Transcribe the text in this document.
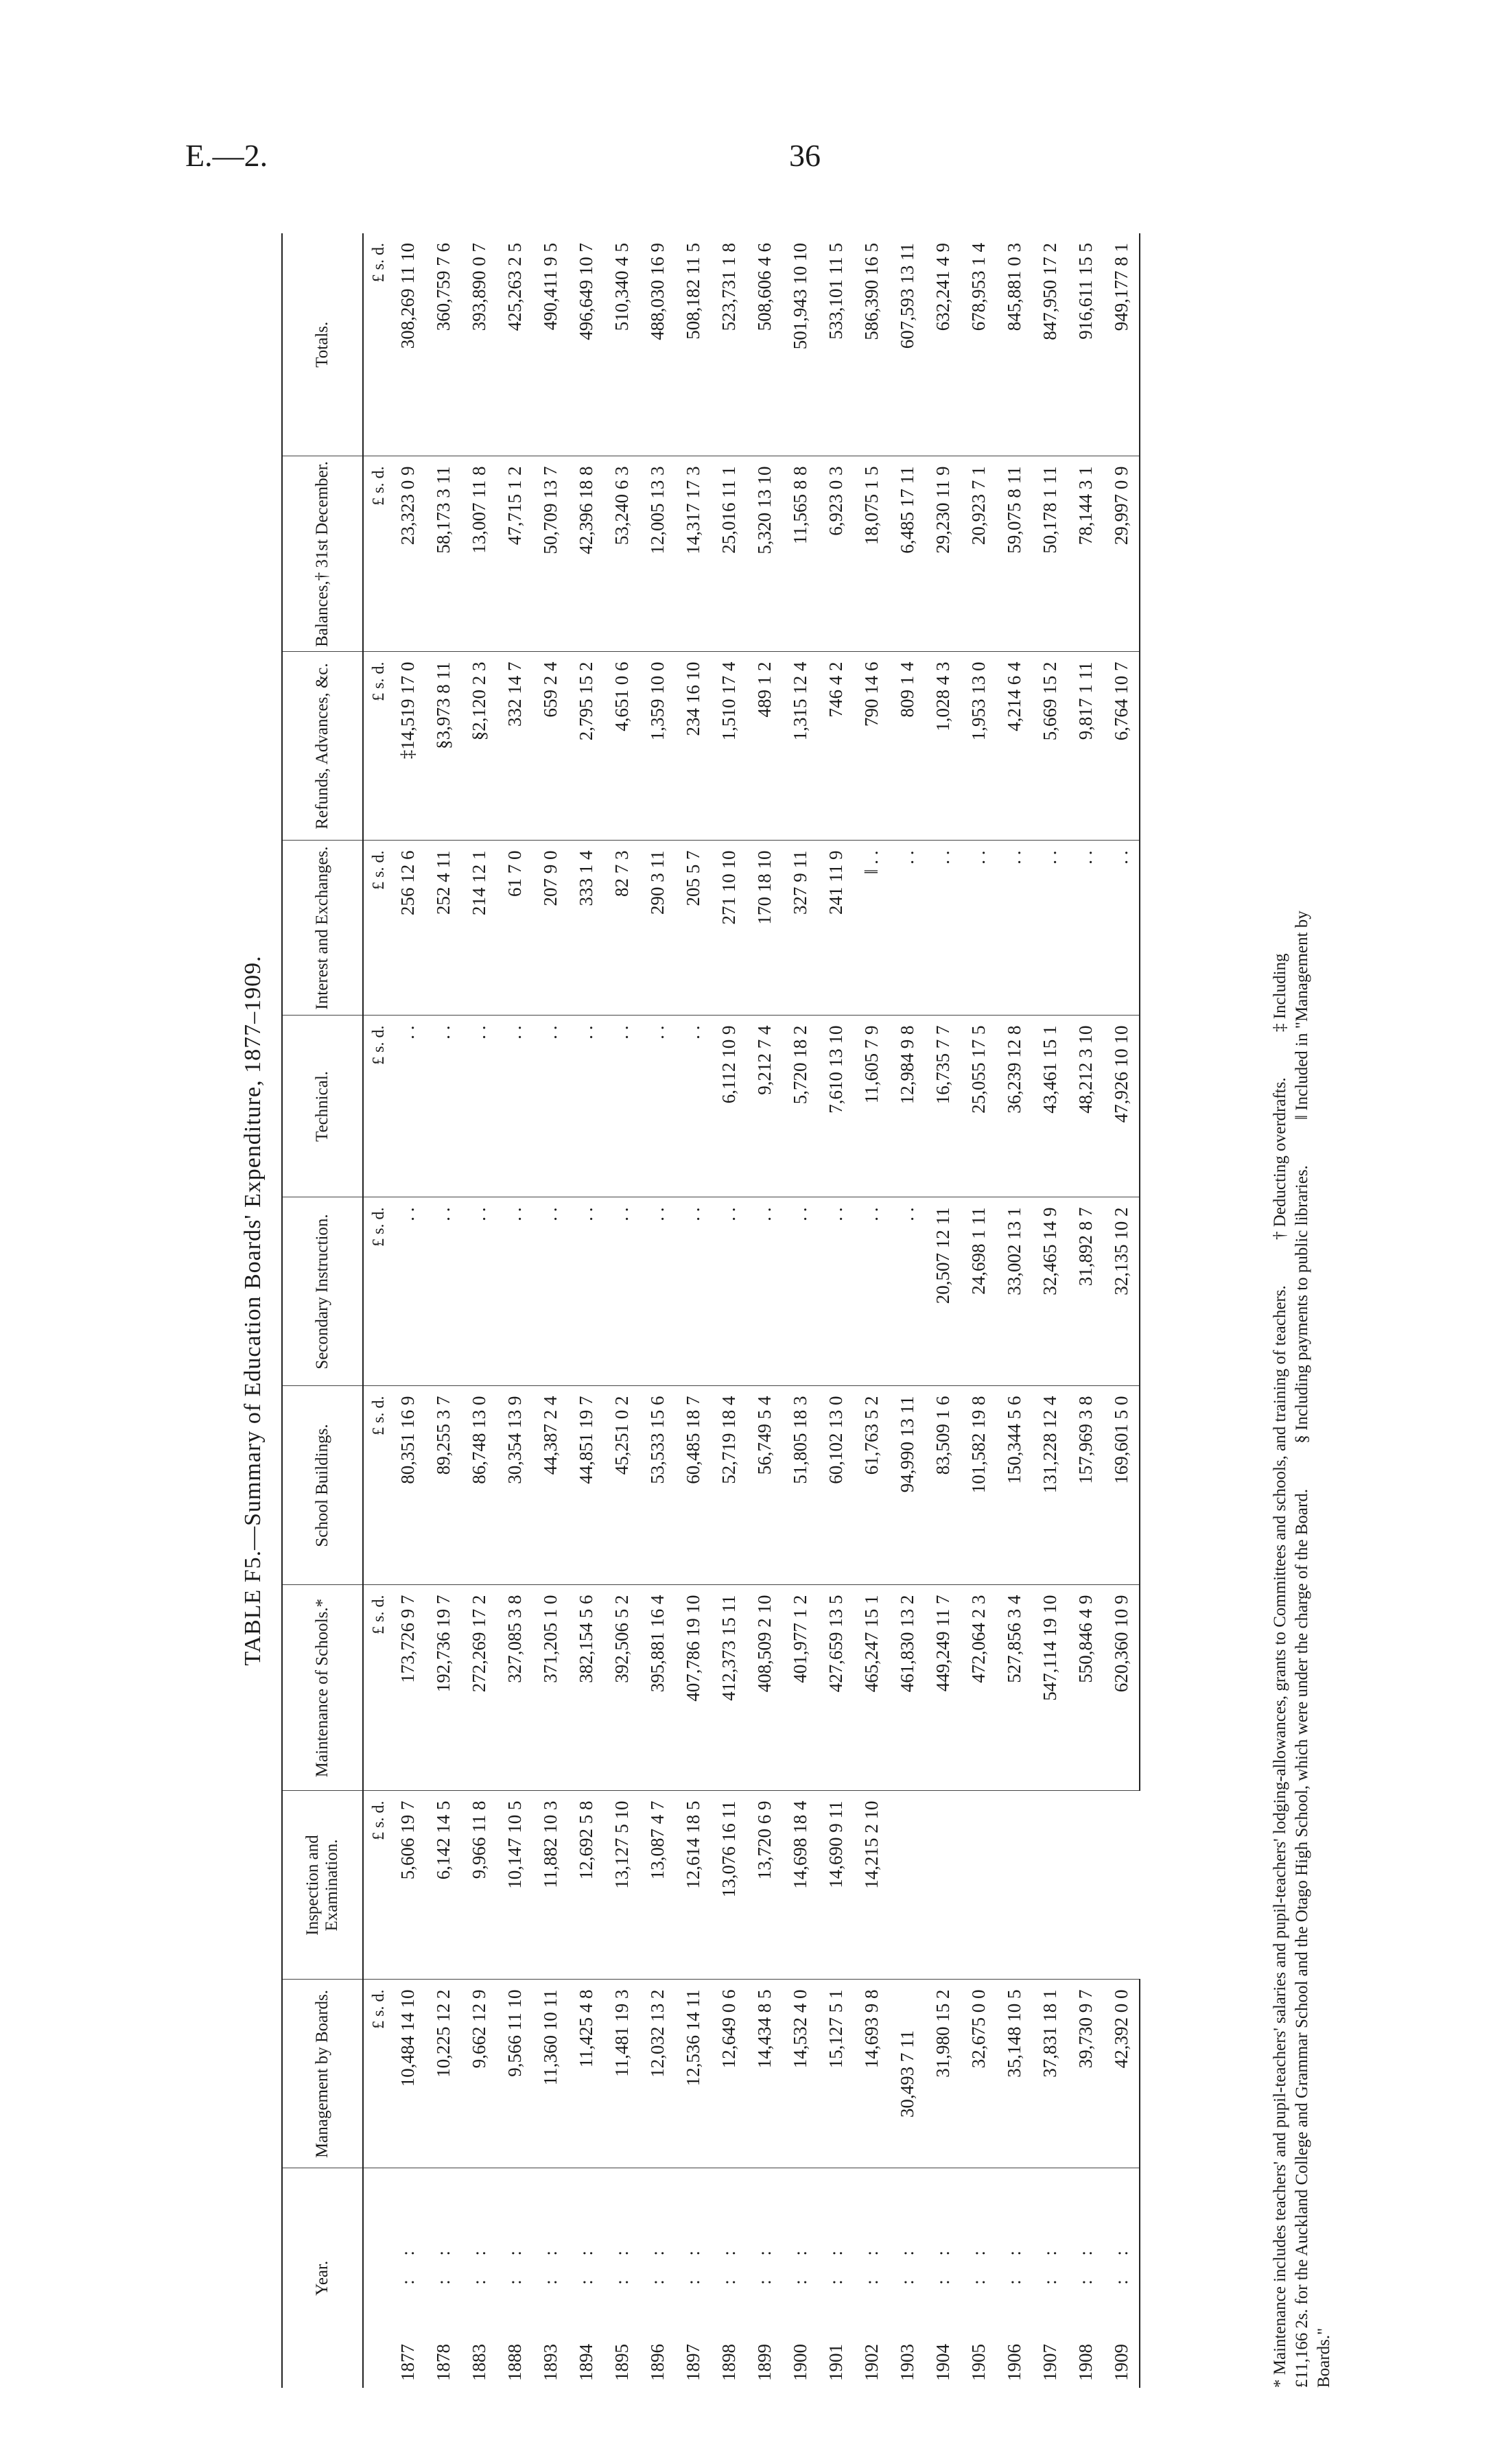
E.—2.	36
TABLE F5.—Summary of Education Boards' Expenditure, 1877–1909.
Year.	Management by Boards.	Inspection and Examination.	Maintenance of Schools.*	School Buildings.	Secondary Instruction.	Technical.	Interest and Exchanges.	Refunds, Advances, &c.	Balances,† 31st December.	Totals.
	£ s. d.	£ s. d.	£ s. d.	£ s. d.	£ s. d.	£ s. d.	£ s. d.	£ s. d.	£ s. d.	£ s. d.
1877: :	10,484 14 10	5,606 19 7	173,726 9 7	80,351 16 9	. .	. .	256 12 6	‡14,519 17 0	23,323 0 9	308,269 11 10
1878: :	10,225 12 2	6,142 14 5	192,736 19 7	89,255 3 7	. .	. .	252 4 11	§3,973 8 11	58,173 3 11	360,759 7 6
1883: :	9,662 12 9	9,966 11 8	272,269 17 2	86,748 13 0	. .	. .	214 12 1	§2,120 2 3	13,007 11 8	393,890 0 7
1888: :	9,566 11 10	10,147 10 5	327,085 3 8	30,354 13 9	. .	. .	61 7 0	332 14 7	47,715 1 2	425,263 2 5
1893: :	11,360 10 11	11,882 10 3	371,205 1 0	44,387 2 4	. .	. .	207 9 0	659 2 4	50,709 13 7	490,411 9 5
1894: :	11,425 4 8	12,692 5 8	382,154 5 6	44,851 19 7	. .	. .	333 1 4	2,795 15 2	42,396 18 8	496,649 10 7
1895: :	11,481 19 3	13,127 5 10	392,506 5 2	45,251 0 2	. .	. .	82 7 3	4,651 0 6	53,240 6 3	510,340 4 5
1896: :	12,032 13 2	13,087 4 7	395,881 16 4	53,533 15 6	. .	. .	290 3 11	1,359 10 0	12,005 13 3	488,030 16 9
1897: :	12,536 14 11	12,614 18 5	407,786 19 10	60,485 18 7	. .	. .	205 5 7	234 16 10	14,317 17 3	508,182 11 5
1898: :	12,649 0 6	13,076 16 11	412,373 15 11	52,719 18 4	. .	6,112 10 9	271 10 10	1,510 17 4	25,016 11 1	523,731 1 8
1899: :	14,434 8 5	13,720 6 9	408,509 2 10	56,749 5 4	. .	9,212 7 4	170 18 10	489 1 2	5,320 13 10	508,606 4 6
1900: :	14,532 4 0	14,698 18 4	401,977 1 2	51,805 18 3	. .	5,720 18 2	327 9 11	1,315 12 4	11,565 8 8	501,943 10 10
1901: :	15,127 5 1	14,690 9 11	427,659 13 5	60,102 13 0	. .	7,610 13 10	241 11 9	746 4 2	6,923 0 3	533,101 11 5
1902: :	14,693 9 8	14,215 2 10	465,247 15 1	61,763 5 2	. .	11,605 7 9	‖ . .	790 14 6	18,075 1 5	586,390 16 5
1903: :	30,493 7 11		461,830 13 2	94,990 13 11	. .	12,984 9 8	. .	809 1 4	6,485 17 11	607,593 13 11
1904: :	31,980 15 2		449,249 11 7	83,509 1 6	20,507 12 11	16,735 7 7	. .	1,028 4 3	29,230 11 9	632,241 4 9
1905: :	32,675 0 0		472,064 2 3	101,582 19 8	24,698 1 11	25,055 17 5	. .	1,953 13 0	20,923 7 1	678,953 1 4
1906: :	35,148 10 5		527,856 3 4	150,344 5 6	33,002 13 1	36,239 12 8	. .	4,214 6 4	59,075 8 11	845,881 0 3
1907: :	37,831 18 1		547,114 19 10	131,228 12 4	32,465 14 9	43,461 15 1	. .	5,669 15 2	50,178 1 11	847,950 17 2
1908: :	39,730 9 7		550,846 4 9	157,969 3 8	31,892 8 7	48,212 3 10	. .	9,817 1 11	78,144 3 1	916,611 15 5
1909: :	42,392 0 0		620,360 10 9	169,601 5 0	32,135 10 2	47,926 10 10	. .	6,764 10 7	29,997 0 9	949,177 8 1
* Maintenance includes teachers' and pupil-teachers' salaries and pupil-teachers' lodging-allowances, grants to Committees and schools, and training of teachers. † Deducting overdrafts. ‡ Including
£11,166 2s. for the Auckland College and Grammar School and the Otago High School, which were under the charge of the Board. § Including payments to public libraries. ‖ Included in "Management by
Boards."
